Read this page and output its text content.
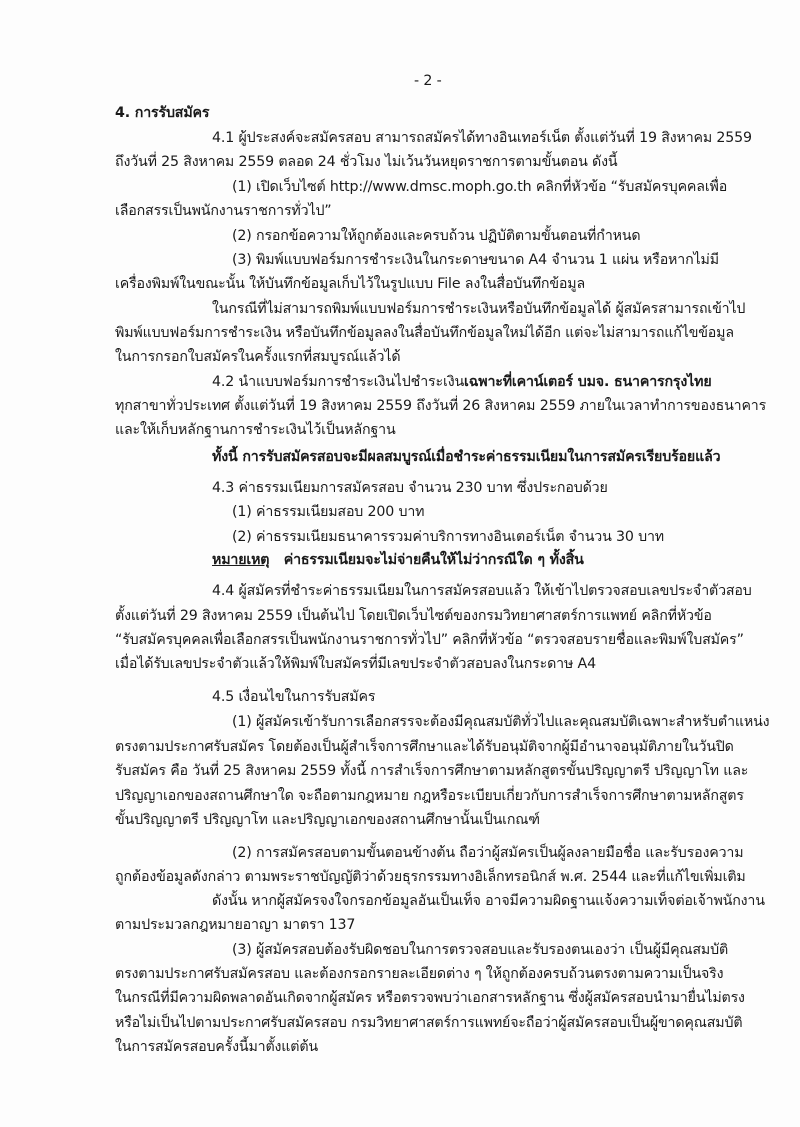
- 2 -
4. การรับสมัคร
4.1 ผู้ประสงค์จะสมัครสอบ สามารถสมัครได้ทางอินเทอร์เน็ต ตั้งแต่วันที่ 19 สิงหาคม 2559
ถึงวันที่ 25 สิงหาคม 2559 ตลอด 24 ชั่วโมง ไม่เว้นวันหยุดราชการตามขั้นตอน ดังนี้
(1) เปิดเว็บไซต์ http://www.dmsc.moph.go.th คลิกที่หัวข้อ “รับสมัครบุคคลเพื่อ
เลือกสรรเป็นพนักงานราชการทั่วไป”
(2) กรอกข้อความให้ถูกต้องและครบถ้วน ปฏิบัติตามขั้นตอนที่กำหนด
(3) พิมพ์แบบฟอร์มการชำระเงินในกระดาษขนาด A4 จำนวน 1 แผ่น หรือหากไม่มี
เครื่องพิมพ์ในขณะนั้น ให้บันทึกข้อมูลเก็บไว้ในรูปแบบ File ลงในสื่อบันทึกข้อมูล
ในกรณีที่ไม่สามารถพิมพ์แบบฟอร์มการชำระเงินหรือบันทึกข้อมูลได้ ผู้สมัครสามารถเข้าไป
พิมพ์แบบฟอร์มการชำระเงิน หรือบันทึกข้อมูลลงในสื่อบันทึกข้อมูลใหม่ได้อีก แต่จะไม่สามารถแก้ไขข้อมูล
ในการกรอกใบสมัครในครั้งแรกที่สมบูรณ์แล้วได้
4.2 นำแบบฟอร์มการชำระเงินไปชำระเงินเฉพาะที่เคาน์เตอร์ บมจ. ธนาคารกรุงไทย
ทุกสาขาทั่วประเทศ ตั้งแต่วันที่ 19 สิงหาคม 2559 ถึงวันที่ 26 สิงหาคม 2559 ภายในเวลาทำการของธนาคาร
และให้เก็บหลักฐานการชำระเงินไว้เป็นหลักฐาน
ทั้งนี้ การรับสมัครสอบจะมีผลสมบูรณ์เมื่อชำระค่าธรรมเนียมในการสมัครเรียบร้อยแล้ว
4.3 ค่าธรรมเนียมการสมัครสอบ จำนวน 230 บาท ซึ่งประกอบด้วย
(1) ค่าธรรมเนียมสอบ 200 บาท
(2) ค่าธรรมเนียมธนาคารรวมค่าบริการทางอินเตอร์เน็ต จำนวน 30 บาท
หมายเหตุ ค่าธรรมเนียมจะไม่จ่ายคืนให้ไม่ว่ากรณีใด ๆ ทั้งสิ้น
4.4 ผู้สมัครที่ชำระค่าธรรมเนียมในการสมัครสอบแล้ว ให้เข้าไปตรวจสอบเลขประจำตัวสอบ
ตั้งแต่วันที่ 29 สิงหาคม 2559 เป็นต้นไป โดยเปิดเว็บไซต์ของกรมวิทยาศาสตร์การแพทย์ คลิกที่หัวข้อ
“รับสมัครบุคคลเพื่อเลือกสรรเป็นพนักงานราชการทั่วไป” คลิกที่หัวข้อ “ตรวจสอบรายชื่อและพิมพ์ใบสมัคร”
เมื่อได้รับเลขประจำตัวแล้วให้พิมพ์ใบสมัครที่มีเลขประจำตัวสอบลงในกระดาษ A4
4.5 เงื่อนไขในการรับสมัคร
(1) ผู้สมัครเข้ารับการเลือกสรรจะต้องมีคุณสมบัติทั่วไปและคุณสมบัติเฉพาะสำหรับตำแหน่ง
ตรงตามประกาศรับสมัคร โดยต้องเป็นผู้สำเร็จการศึกษาและได้รับอนุมัติจากผู้มีอำนาจอนุมัติภายในวันปิด
รับสมัคร คือ วันที่ 25 สิงหาคม 2559 ทั้งนี้ การสำเร็จการศึกษาตามหลักสูตรขั้นปริญญาตรี ปริญญาโท และ
ปริญญาเอกของสถานศึกษาใด จะถือตามกฎหมาย กฎหรือระเบียบเกี่ยวกับการสำเร็จการศึกษาตามหลักสูตร
ขั้นปริญญาตรี ปริญญาโท และปริญญาเอกของสถานศึกษานั้นเป็นเกณฑ์
(2) การสมัครสอบตามขั้นตอนข้างต้น ถือว่าผู้สมัครเป็นผู้ลงลายมือชื่อ และรับรองความ
ถูกต้องข้อมูลดังกล่าว ตามพระราชบัญญัติว่าด้วยธุรกรรมทางอิเล็กทรอนิกส์ พ.ศ. 2544 และที่แก้ไขเพิ่มเติม
ดังนั้น หากผู้สมัครจงใจกรอกข้อมูลอันเป็นเท็จ อาจมีความผิดฐานแจ้งความเท็จต่อเจ้าพนักงาน
ตามประมวลกฎหมายอาญา มาตรา 137
(3) ผู้สมัครสอบต้องรับผิดชอบในการตรวจสอบและรับรองตนเองว่า เป็นผู้มีคุณสมบัติ
ตรงตามประกาศรับสมัครสอบ และต้องกรอกรายละเอียดต่าง ๆ ให้ถูกต้องครบถ้วนตรงตามความเป็นจริง
ในกรณีที่มีความผิดพลาดอันเกิดจากผู้สมัคร หรือตรวจพบว่าเอกสารหลักฐาน ซึ่งผู้สมัครสอบนำมายื่นไม่ตรง
หรือไม่เป็นไปตามประกาศรับสมัครสอบ กรมวิทยาศาสตร์การแพทย์จะถือว่าผู้สมัครสอบเป็นผู้ขาดคุณสมบัติ
ในการสมัครสอบครั้งนี้มาตั้งแต่ต้น
